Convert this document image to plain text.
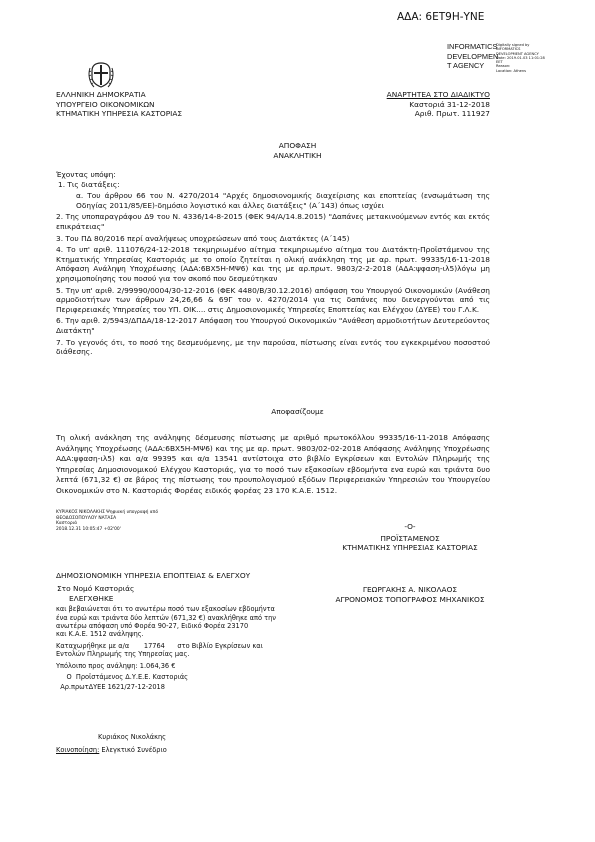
ΑΔΑ: 6ΕΤ9Η-ΥΝΕ
INFORMATICS
DEVELOPMEN
T AGENCY
Digitally signed by
INFORMATICS
DEVELOPMENT AGENCY
Date: 2019.01.03 11:01:28
EET
Reason:
Location: Athens
ΕΛΛΗΝΙΚΗ ΔΗΜΟΚΡΑΤΙΑ
ΥΠΟΥΡΓΕΙΟ ΟΙΚΟΝΟΜΙΚΩΝ
ΚΤΗΜΑΤΙΚΗ ΥΠΗΡΕΣΙΑ ΚΑΣΤΟΡΙΑΣ
ΑΝΑΡΤΗΤΕΑ ΣΤΟ ΔΙΑΔΙΚΤΥΟ
Καστοριά 31-12-2018
Αριθ. Πρωτ. 111927
ΑΠΟΦΑΣΗ
ΑΝΑΚΛΗΤΙΚΗ
Έχοντας υπόψη:
1. Τις διατάξεις:
α. Του άρθρου 66 του Ν. 4270/2014 "Αρχές δημοσιονομικής διαχείρισης και εποπτείας (ενσωμάτωση της Οδηγίας 2011/85/ΕΕ)-δημόσιο λογιστικό και άλλες διατάξεις" (Α΄143) όπως ισχύει
2. Της υποπαραγράφου Δ9 του Ν. 4336/14-8-2015 (ΦΕΚ 94/Α/14.8.2015) "Δαπάνες μετακινούμενων εντός και εκτός επικράτειας"
3. Του ΠΔ 80/2016 περί αναλήψεως υποχρεώσεων από τους Διατάκτες (Α΄145)
4. Το υπ' αριθ. 111076/24-12-2018 τεκμηριωμένο αίτημα τεκμηριωμένο αίτημα του Διατάκτη-Προϊστάμενου της Κτηματικής Υπηρεσίας Καστοριάς με το οποίο ζητείται η ολική ανάκληση της με αρ. πρωτ. 99335/16-11-2018 Απόφαση Ανάληψη Υποχρέωσης (ΑΔΑ:6ΒΧ5Η-ΜΨ6) και της με αρ.πρωτ. 9803/2-2-2018 (ΑΔΑ:ψφαση-ιλ5)λόγω μη χρησιμοποίησης του ποσού για τον σκοπό που δεσμεύτηκαν
5. Την υπ' αριθ. 2/99990/0004/30-12-2016 (ΦΕΚ 4480/Β/30.12.2016) απόφαση του Υπουργού Οικονομικών (Ανάθεση αρμοδιοτήτων των άρθρων 24,26,66 & 69Γ του ν. 4270/2014 για τις δαπάνες που διενεργούνται από τις Περιφερειακές Υπηρεσίες του ΥΠ. ΟΙΚ.... στις Δημοσιονομικές Υπηρεσίες Εποπτείας και Ελέγχου (ΔΥΕΕ) του Γ.Λ.Κ.
6. Την αριθ. 2/5943/ΔΠΔΑ/18-12-2017 Απόφαση του Υπουργού Οικονομικών "Ανάθεση αρμοδιοτήτων Δευτερεύοντος Διατάκτη"
7. Το γεγονός ότι, το ποσό της δεσμευόμενης, με την παρούσα, πίστωσης είναι εντός του εγκεκριμένου ποσοστού διάθεσης.
Αποφασίζουμε
Τη ολική ανάκληση της ανάληψης δέσμευσης πίστωσης με αριθμό πρωτοκόλλου 99335/16-11-2018 Απόφασης Ανάληψης Υποχρέωσης (ΑΔΑ:6ΒΧ5Η-ΜΨ6) και της με αρ. πρωτ. 9803/02-02-2018 Απόφασης Ανάληψης Υποχρέωσης ΑΔΑ:ψφαση-ιλ5) και α/α 99395 και α/α 13541 αντίστοιχα στο βιβλίο Εγκρίσεων και Εντολών Πληρωμής της Υπηρεσίας Δημοσιονομικού Ελέγχου Καστοριάς, για το ποσό των εξακοσίων εβδομήντα ενα ευρώ και τριάντα δυο λεπτά (671,32 €) σε βάρος της πίστωσης του προυπολογισμού εξόδων Περιφερειακών Υπηρεσιών του Υπουργείου Οικονομικών στο Ν. Καστοριάς Φορέας ειδικός φορέας 23 170 Κ.Α.Ε. 1512.
ΚΥΡΙΑΚΟΣ ΝΙΚΟΛΑΚΗΣ Ψηφιακή υπογραφή από
ΘΕΟΔΟΣΟΠΟΥΛΟΥ ΝΑΤΑΣΑ
Καστοριά
2018.12.31 10:05:47 +02'00'	-Ο-
ΠΡΟΪΣΤΑΜΕΝΟΣ
ΚΤΗΜΑΤΙΚΗΣ ΥΠΗΡΕΣΙΑΣ ΚΑΣΤΟΡΙΑΣ
ΔΗΜΟΣΙΟΝΟΜΙΚΗ ΥΠΗΡΕΣΙΑ ΕΠΟΠΤΕΙΑΣ & ΕΛΕΓΧΟΥ
ΓΕΩΡΓΑΚΗΣ Α. ΝΙΚΟΛΑΟΣ
ΑΓΡΟΝΟΜΟΣ ΤΟΠΟΓΡΑΦΟΣ ΜΗΧΑΝΙΚΟΣ
Στο Νομό Καστοριάς
ΕΛΕΓΧΘΗΚΕ
και βεβαιώνεται ότι το ανωτέρω ποσό των εξακοσίων εβδομήντα
ένα ευρώ και τριάντα δύο λεπτών (671,32 €) ανακλήθηκε από την
ανωτέρω απόφαση υπό Φορέα 90-27, Ειδικό Φορέα 23170
και Κ.Α.Ε. 1512 ανάληψης.
Καταχωρήθηκε με α/α       17764      στο Βιβλίο Εγκρίσεων και
Εντολών Πληρωμής της Υπηρεσίας μας.
Υπόλοιπο προς ανάληψη: 1.064,36 €
Ο  Προϊστάμενος Δ.Υ.Ε.Ε. Καστοριάς
Αρ.πρωτΔΥΕΕ 1621/27-12-2018
Κυριάκος Νικολάκης
Κοινοποίηση: Ελεγκτικό Συνέδριο
